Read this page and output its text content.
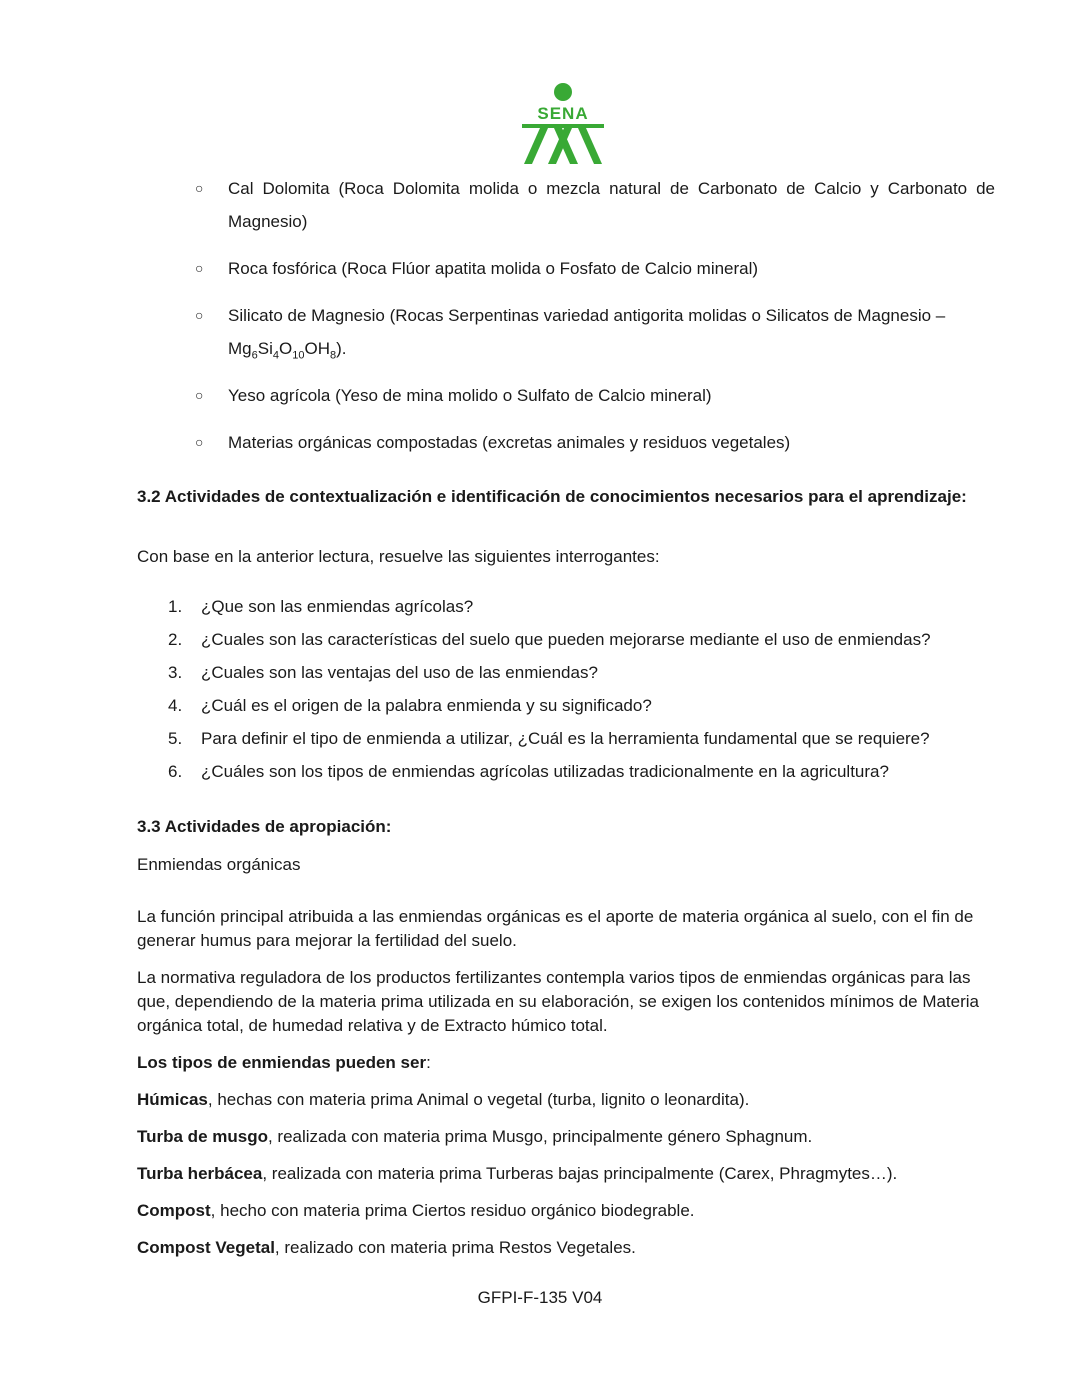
SENA
○ Cal Dolomita (Roca Dolomita molida o mezcla natural de Carbonato de Calcio y Carbonato de Magnesio)
○ Roca fosfórica (Roca Flúor apatita molida o Fosfato de Calcio mineral)
○ Silicato de Magnesio (Rocas Serpentinas variedad antigorita molidas o Silicatos de Magnesio –
$Mg_6Si_4O_{10}OH_8$).
○ Yeso agrícola (Yeso de mina molido o Sulfato de Calcio mineral)
○ Materias orgánicas compostadas (excretas animales y residuos vegetales)
3.2 Actividades de contextualización e identificación de conocimientos necesarios para el aprendizaje:
Con base en la anterior lectura, resuelve las siguientes interrogantes:
1. ¿Que son las enmiendas agrícolas?
2. ¿Cuales son las características del suelo que pueden mejorarse mediante el uso de enmiendas?
3. ¿Cuales son las ventajas del uso de las enmiendas?
4. ¿Cuál es el origen de la palabra enmienda y su significado?
5. Para definir el tipo de enmienda a utilizar, ¿Cuál es la herramienta fundamental que se requiere?
6. ¿Cuáles son los tipos de enmiendas agrícolas utilizadas tradicionalmente en la agricultura?
3.3 Actividades de apropiación:
Enmiendas orgánicas
La función principal atribuida a las enmiendas orgánicas es el aporte de materia orgánica al suelo, con el fin de generar humus para mejorar la fertilidad del suelo.
La normativa reguladora de los productos fertilizantes contempla varios tipos de enmiendas orgánicas para las que, dependiendo de la materia prima utilizada en su elaboración, se exigen los contenidos mínimos de Materia orgánica total, de humedad relativa y de Extracto húmico total.
Los tipos de enmiendas pueden ser:
Húmicas, hechas con materia prima Animal o vegetal (turba, lignito o leonardita).
Turba de musgo, realizada con materia prima Musgo, principalmente género Sphagnum.
Turba herbácea, realizada con materia prima Turberas bajas principalmente (Carex, Phragmytes…).
Compost, hecho con materia prima Ciertos residuo orgánico biodegrable.
Compost Vegetal, realizado con materia prima Restos Vegetales.
GFPI-F-135 V04
